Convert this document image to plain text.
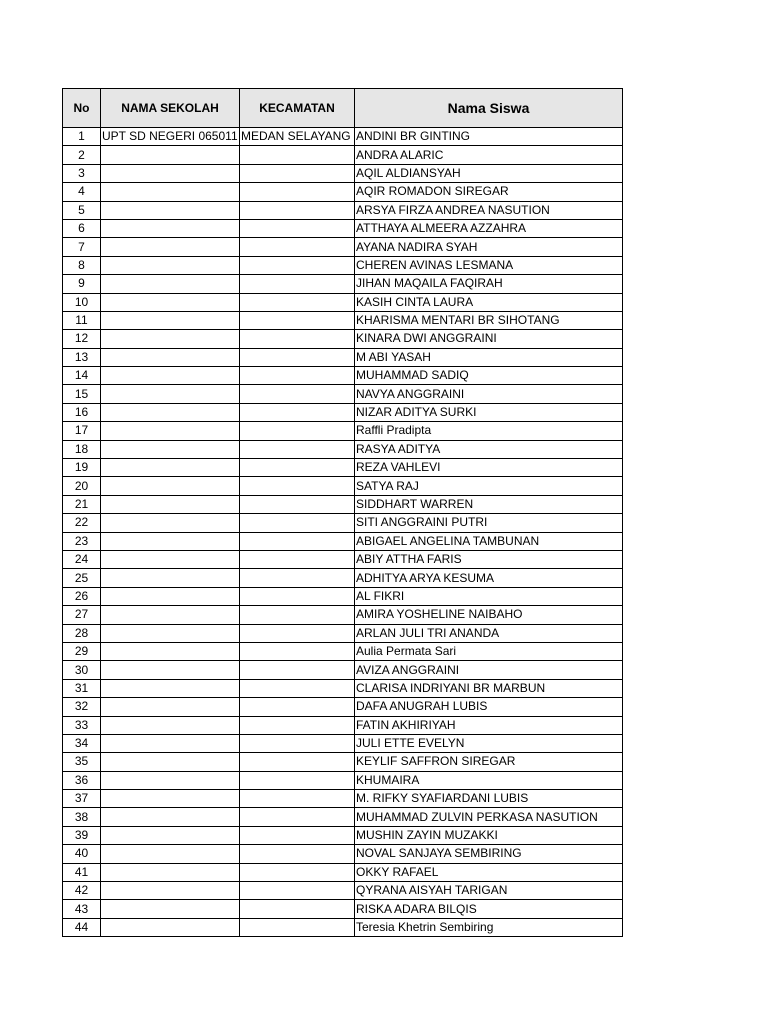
No	NAMA SEKOLAH	KECAMATAN	Nama Siswa
1	UPT SD NEGERI 065011	MEDAN SELAYANG	ANDINI BR GINTING
2			ANDRA ALARIC
3			AQIL ALDIANSYAH
4			AQIR ROMADON SIREGAR
5			ARSYA FIRZA ANDREA NASUTION
6			ATTHAYA ALMEERA AZZAHRA
7			AYANA NADIRA SYAH
8			CHEREN AVINAS LESMANA
9			JIHAN MAQAILA FAQIRAH
10			KASIH CINTA LAURA
11			KHARISMA MENTARI BR SIHOTANG
12			KINARA DWI ANGGRAINI
13			M ABI YASAH
14			MUHAMMAD SADIQ
15			NAVYA ANGGRAINI
16			NIZAR ADITYA SURKI
17			Raffli Pradipta
18			RASYA ADITYA
19			REZA VAHLEVI
20			SATYA RAJ
21			SIDDHART WARREN
22			SITI ANGGRAINI PUTRI
23			ABIGAEL ANGELINA TAMBUNAN
24			ABIY ATTHA FARIS
25			ADHITYA ARYA KESUMA
26			AL FIKRI
27			AMIRA YOSHELINE NAIBAHO
28			ARLAN JULI TRI ANANDA
29			Aulia Permata Sari
30			AVIZA ANGGRAINI
31			CLARISA INDRIYANI BR MARBUN
32			DAFA ANUGRAH LUBIS
33			FATIN AKHIRIYAH
34			JULI ETTE EVELYN
35			KEYLIF SAFFRON SIREGAR
36			KHUMAIRA
37			M. RIFKY SYAFIARDANI LUBIS
38			MUHAMMAD ZULVIN PERKASA NASUTION
39			MUSHIN ZAYIN MUZAKKI
40			NOVAL SANJAYA SEMBIRING
41			OKKY RAFAEL
42			QYRANA AISYAH TARIGAN
43			RISKA ADARA BILQIS
44			Teresia Khetrin Sembiring
